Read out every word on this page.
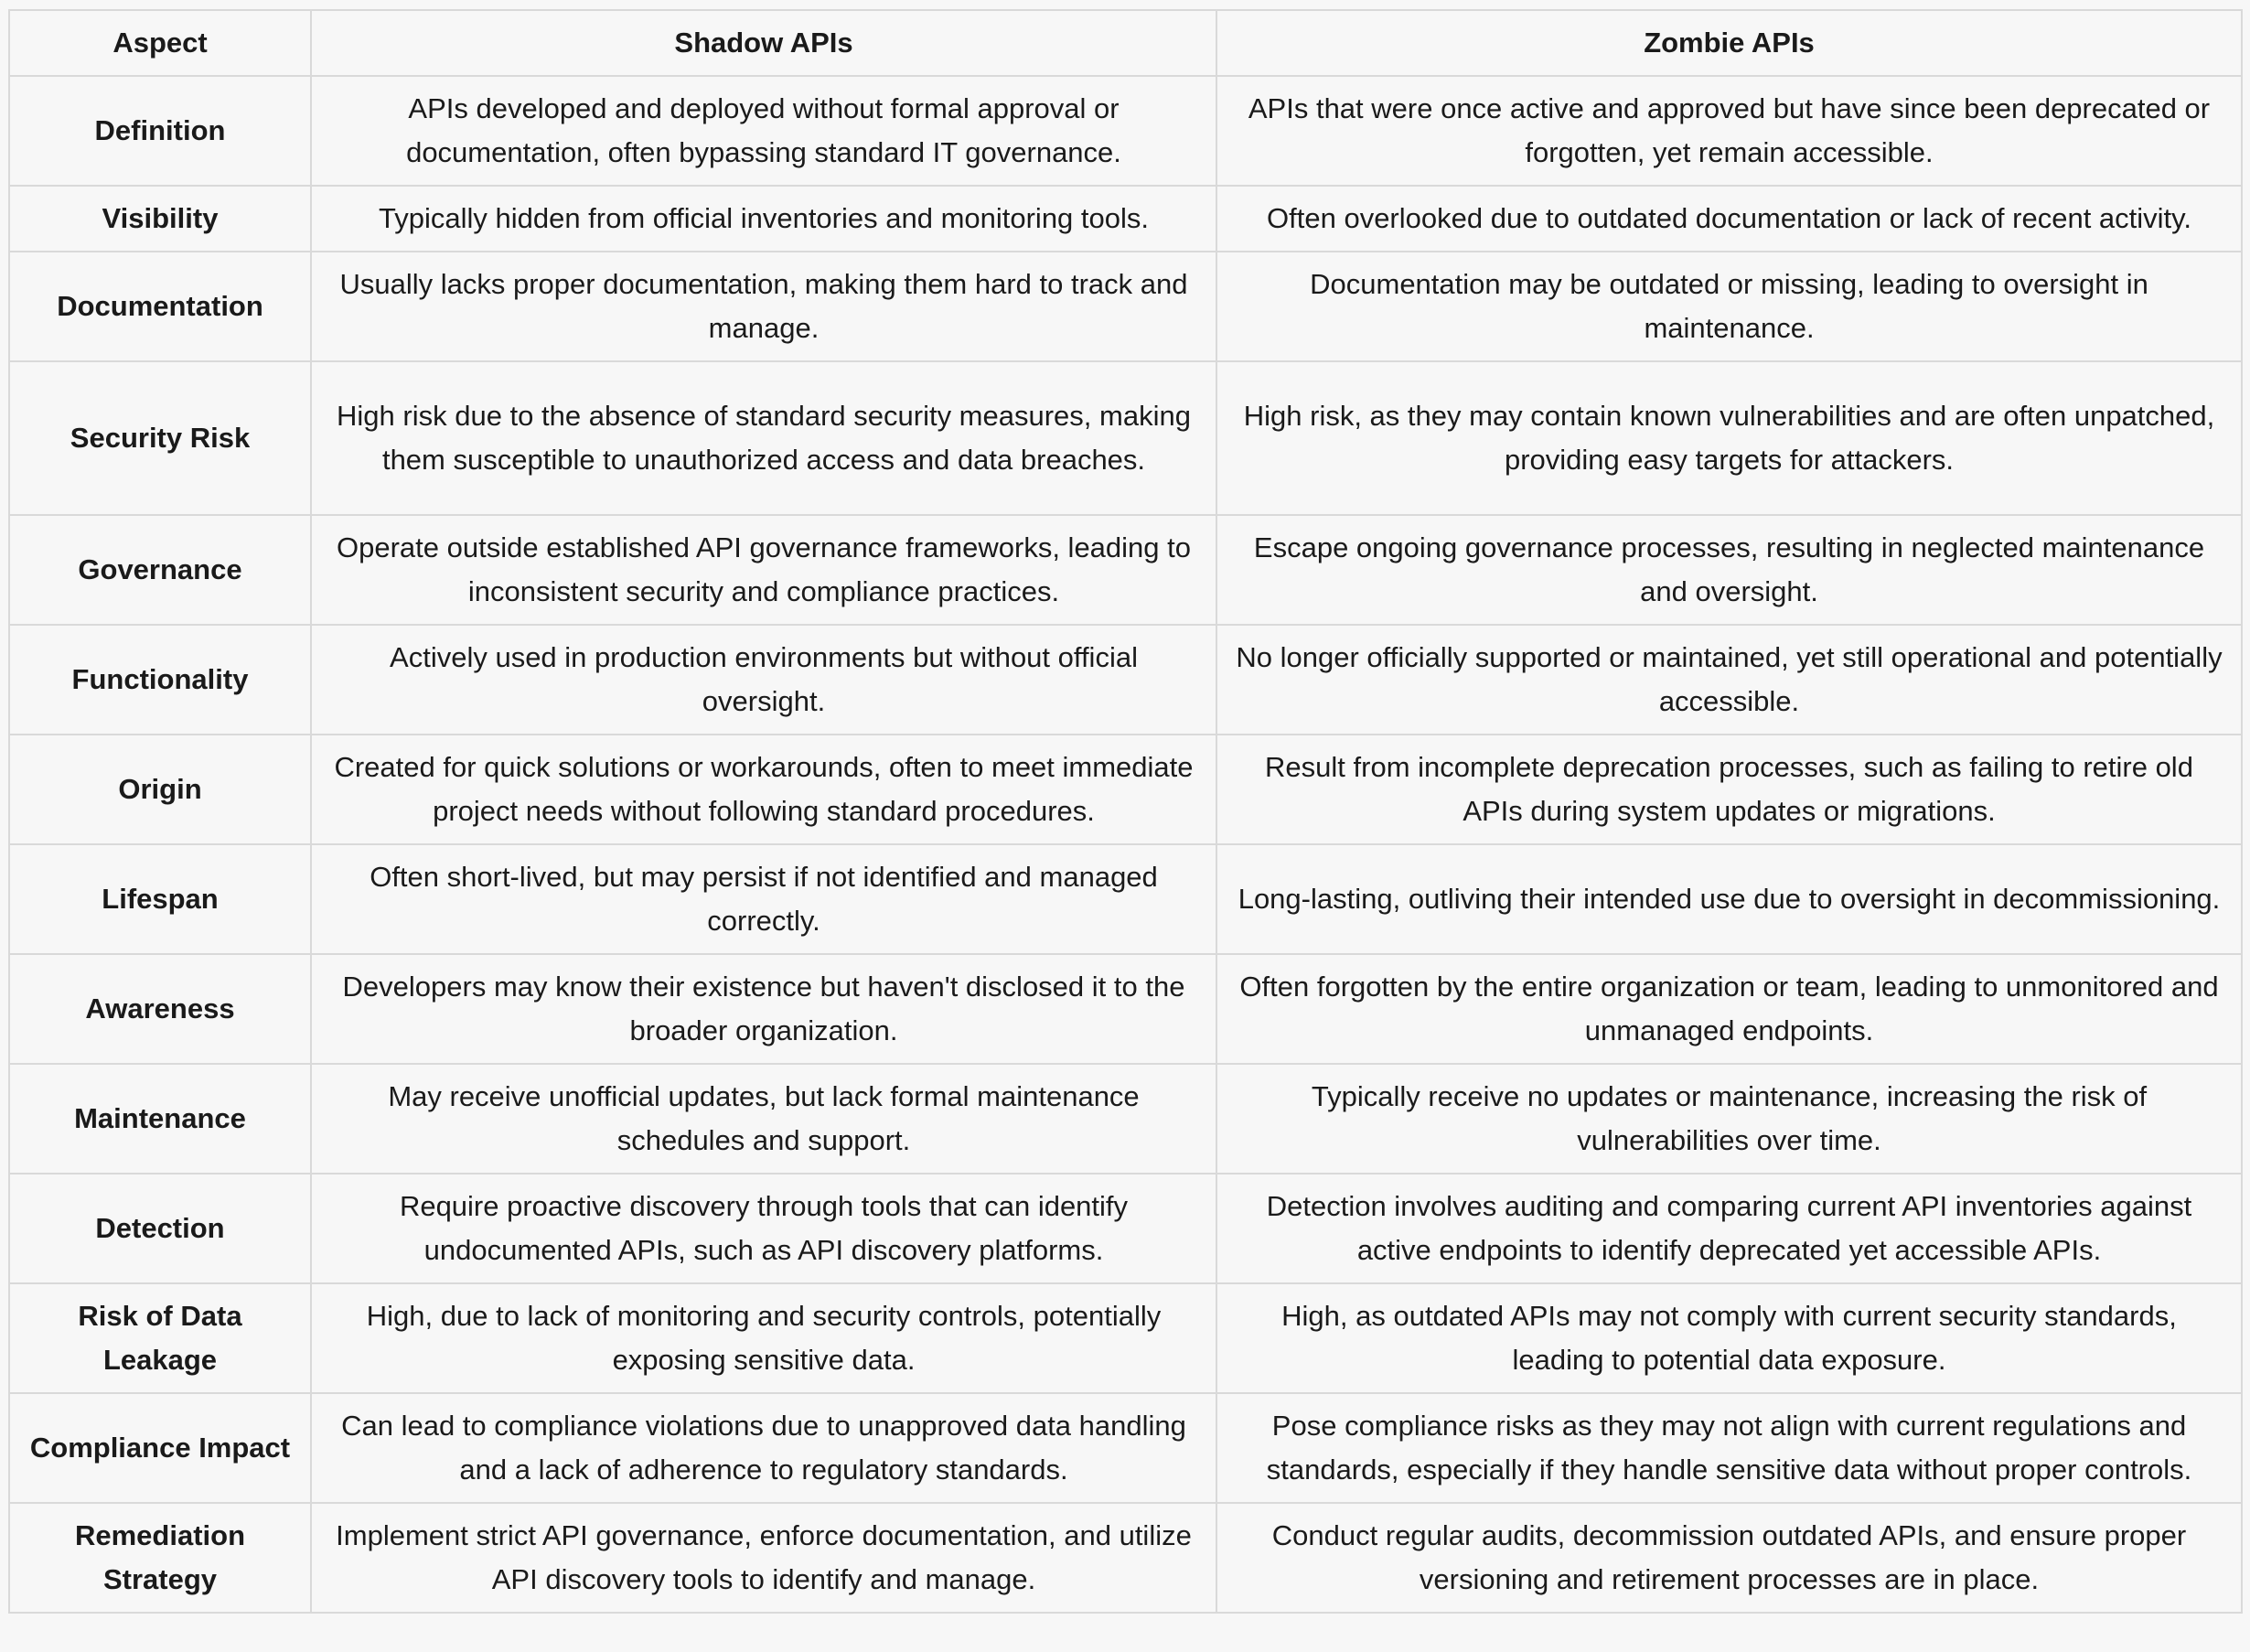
Aspect	Shadow APIs	Zombie APIs
Definition	APIs developed and deployed without formal approval or documentation, often bypassing standard IT governance.	APIs that were once active and approved but have since been deprecated or forgotten, yet remain accessible.
Visibility	Typically hidden from official inventories and monitoring tools.	Often overlooked due to outdated documentation or lack of recent activity.
Documentation	Usually lacks proper documentation, making them hard to track and manage.	Documentation may be outdated or missing, leading to oversight in maintenance.
Security Risk	High risk due to the absence of standard security measures, making them susceptible to unauthorized access and data breaches.	High risk, as they may contain known vulnerabilities and are often unpatched, providing easy targets for attackers.
Governance	Operate outside established API governance frameworks, leading to inconsistent security and compliance practices.	Escape ongoing governance processes, resulting in neglected maintenance and oversight.
Functionality	Actively used in production environments but without official oversight.	No longer officially supported or maintained, yet still operational and potentially accessible.
Origin	Created for quick solutions or workarounds, often to meet immediate project needs without following standard procedures.	Result from incomplete deprecation processes, such as failing to retire old APIs during system updates or migrations.
Lifespan	Often short-lived, but may persist if not identified and managed correctly.	Long-lasting, outliving their intended use due to oversight in decommissioning.
Awareness	Developers may know their existence but haven't disclosed it to the broader organization.	Often forgotten by the entire organization or team, leading to unmonitored and unmanaged endpoints.
Maintenance	May receive unofficial updates, but lack formal maintenance schedules and support.	Typically receive no updates or maintenance, increasing the risk of vulnerabilities over time.
Detection	Require proactive discovery through tools that can identify undocumented APIs, such as API discovery platforms.	Detection involves auditing and comparing current API inventories against active endpoints to identify deprecated yet accessible APIs.
Risk of Data Leakage	High, due to lack of monitoring and security controls, potentially exposing sensitive data.	High, as outdated APIs may not comply with current security standards, leading to potential data exposure.
Compliance Impact	Can lead to compliance violations due to unapproved data handling and a lack of adherence to regulatory standards.	Pose compliance risks as they may not align with current regulations and standards, especially if they handle sensitive data without proper controls.
Remediation Strategy	Implement strict API governance, enforce documentation, and utilize API discovery tools to identify and manage.	Conduct regular audits, decommission outdated APIs, and ensure proper versioning and retirement processes are in place.
